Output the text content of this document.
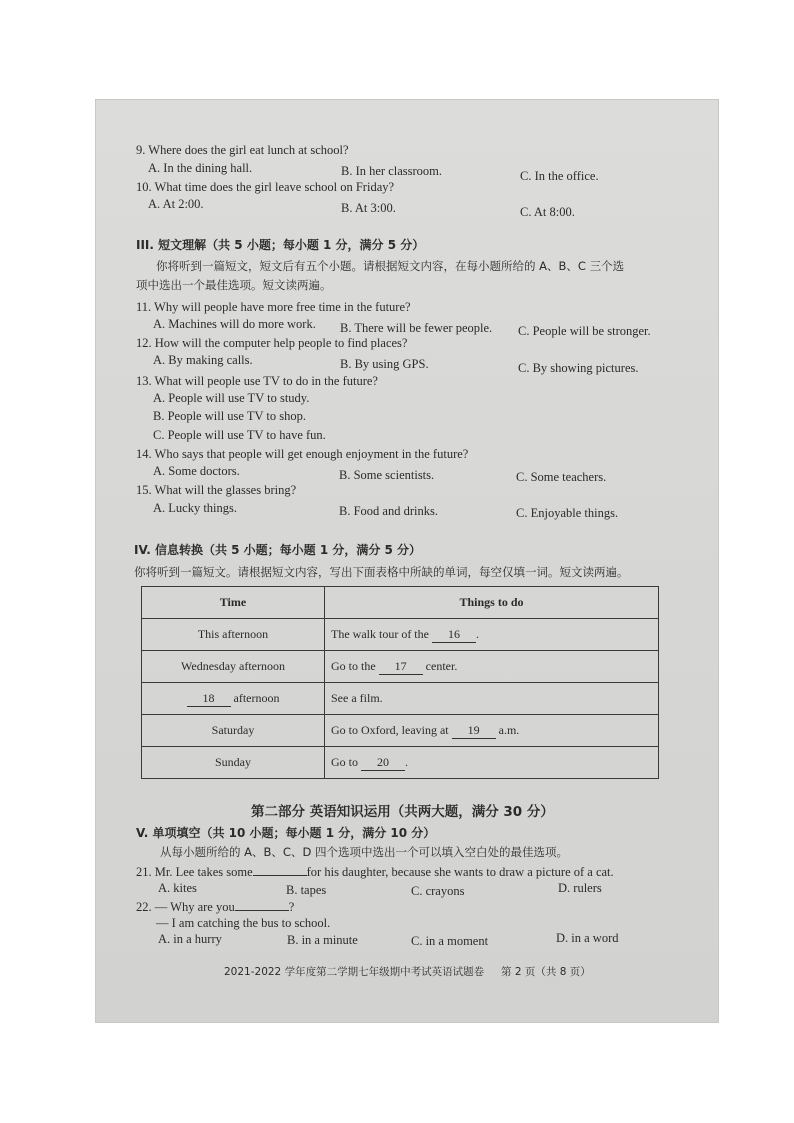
9. Where does the girl eat lunch at school?
A. In the dining hall.	B. In her classroom.	C. In the office.
10. What time does the girl leave school on Friday?
A. At 2:00.	B. At 3:00.	C. At 8:00.
III. 短文理解（共 5 小题；每小题 1 分，满分 5 分）
你将听到一篇短文，短文后有五个小题。请根据短文内容，在每小题所给的 A、B、C 三个选
项中选出一个最佳选项。短文读两遍。
11. Why will people have more free time in the future?
A. Machines will do more work. B. There will be fewer people. C. People will be stronger.
12. How will the computer help people to find places?
A. By making calls.	B. By using GPS.	C. By showing pictures.
13. What will people use TV to do in the future?
A. People will use TV to study.
B. People will use TV to shop.
C. People will use TV to have fun.
14. Who says that people will get enough enjoyment in the future?
A. Some doctors.	B. Some scientists.	C. Some teachers.
15. What will the glasses bring?
A. Lucky things.	B. Food and drinks.	C. Enjoyable things.
IV. 信息转换（共 5 小题；每小题 1 分，满分 5 分）
你将听到一篇短文。请根据短文内容，写出下面表格中所缺的单词，每空仅填一词。短文读两遍。
Time	Things to do
This afternoon	The walk tour of the 16 .
Wednesday afternoon	Go to the 17 center.
18 afternoon	See a film.
Saturday	Go to Oxford, leaving at 19 a.m.
Sunday	Go to 20 .
第二部分 英语知识运用（共两大题，满分 30 分）
V. 单项填空（共 10 小题；每小题 1 分，满分 10 分）
从每小题所给的 A、B、C、D 四个选项中选出一个可以填入空白处的最佳选项。
21. Mr. Lee takes some	for his daughter, because she wants to draw a picture of a cat.
A. kites	B. tapes	C. crayons	D. rulers
22. — Why are you	?
— I am catching the bus to school.
A. in a hurry	B. in a minute	C. in a moment	D. in a word
2021-2022 学年度第二学期七年级期中考试英语试题卷 第 2 页（共 8 页）
